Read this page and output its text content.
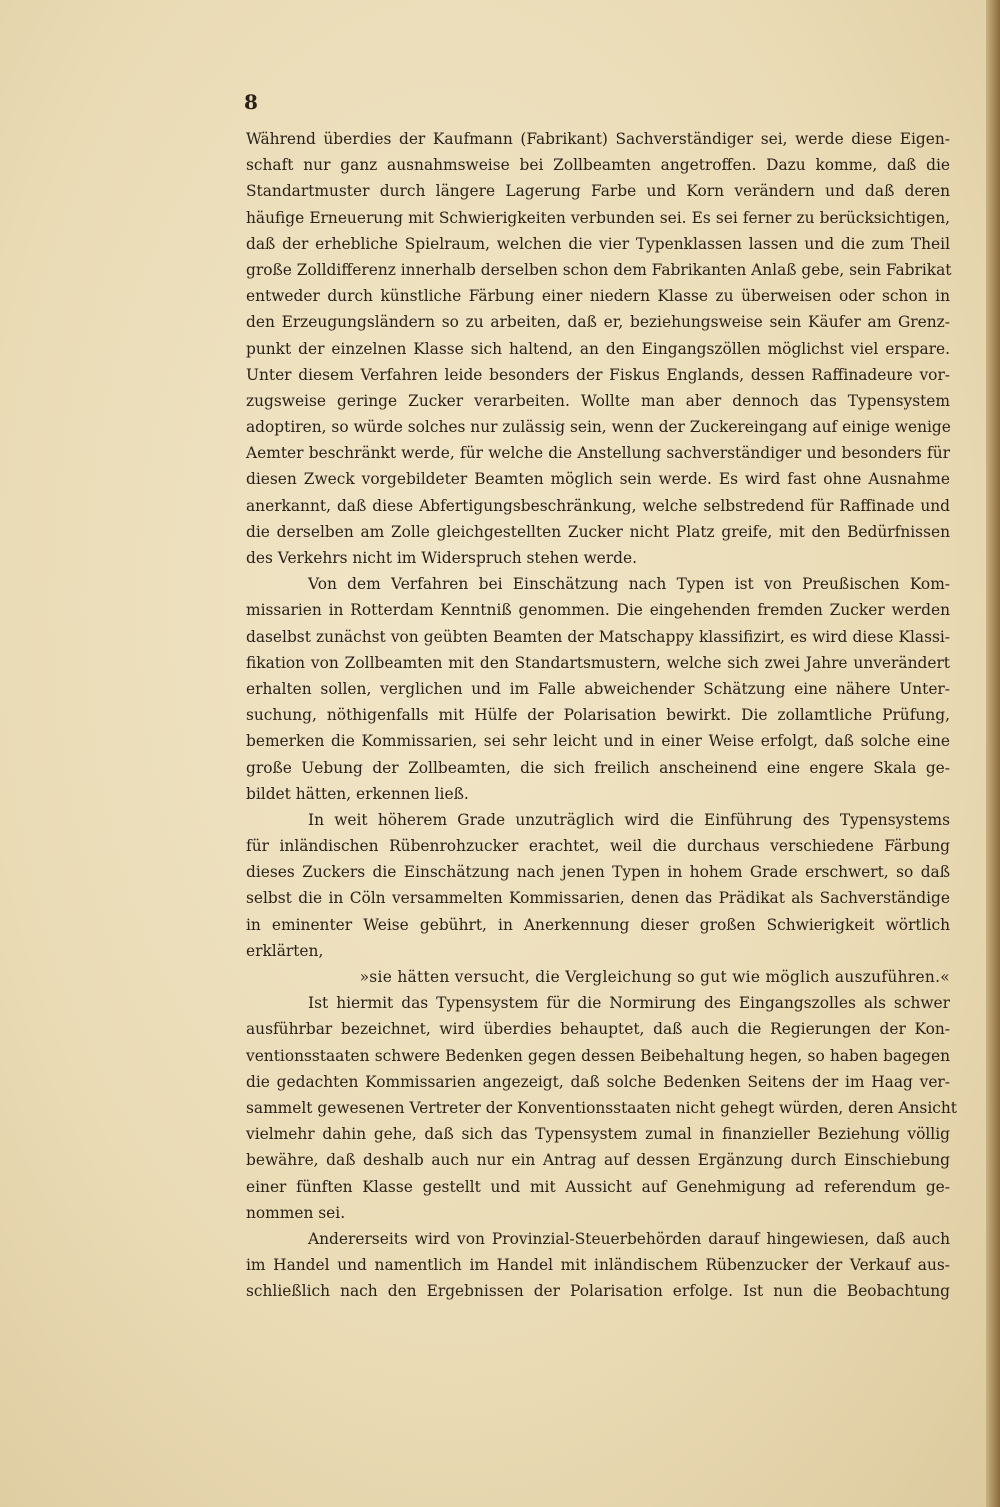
8
Während überdies der Kaufmann (Fabrikant) Sachverständiger sei, werde diese Eigen-
schaft nur ganz ausnahmsweise bei Zollbeamten angetroffen. Dazu komme, daß die
Standartmuster durch längere Lagerung Farbe und Korn verändern und daß deren
häufige Erneuerung mit Schwierigkeiten verbunden sei. Es sei ferner zu berücksichtigen,
daß der erhebliche Spielraum, welchen die vier Typenklassen lassen und die zum Theil
große Zolldifferenz innerhalb derselben schon dem Fabrikanten Anlaß gebe, sein Fabrikat
entweder durch künstliche Färbung einer niedern Klasse zu überweisen oder schon in
den Erzeugungsländern so zu arbeiten, daß er, beziehungsweise sein Käufer am Grenz-
punkt der einzelnen Klasse sich haltend, an den Eingangszöllen möglichst viel erspare.
Unter diesem Verfahren leide besonders der Fiskus Englands, dessen Raffinadeure vor-
zugsweise geringe Zucker verarbeiten. Wollte man aber dennoch das Typensystem
adoptiren, so würde solches nur zulässig sein, wenn der Zuckereingang auf einige wenige
Aemter beschränkt werde, für welche die Anstellung sachverständiger und besonders für
diesen Zweck vorgebildeter Beamten möglich sein werde. Es wird fast ohne Ausnahme
anerkannt, daß diese Abfertigungsbeschränkung, welche selbstredend für Raffinade und
die derselben am Zolle gleichgestellten Zucker nicht Platz greife, mit den Bedürfnissen
des Verkehrs nicht im Widerspruch stehen werde.
Von dem Verfahren bei Einschätzung nach Typen ist von Preußischen Kom-
missarien in Rotterdam Kenntniß genommen. Die eingehenden fremden Zucker werden
daselbst zunächst von geübten Beamten der Matschappy klassifizirt, es wird diese Klassi-
fikation von Zollbeamten mit den Standartsmustern, welche sich zwei Jahre unverändert
erhalten sollen, verglichen und im Falle abweichender Schätzung eine nähere Unter-
suchung, nöthigenfalls mit Hülfe der Polarisation bewirkt. Die zollamtliche Prüfung,
bemerken die Kommissarien, sei sehr leicht und in einer Weise erfolgt, daß solche eine
große Uebung der Zollbeamten, die sich freilich anscheinend eine engere Skala ge-
bildet hätten, erkennen ließ.
In weit höherem Grade unzuträglich wird die Einführung des Typensystems
für inländischen Rübenrohzucker erachtet, weil die durchaus verschiedene Färbung
dieses Zuckers die Einschätzung nach jenen Typen in hohem Grade erschwert, so daß
selbst die in Cöln versammelten Kommissarien, denen das Prädikat als Sachverständige
in eminenter Weise gebührt, in Anerkennung dieser großen Schwierigkeit wörtlich
erklärten,
»sie hätten versucht, die Vergleichung so gut wie möglich auszuführen.«
Ist hiermit das Typensystem für die Normirung des Eingangszolles als schwer
ausführbar bezeichnet, wird überdies behauptet, daß auch die Regierungen der Kon-
ventionsstaaten schwere Bedenken gegen dessen Beibehaltung hegen, so haben bagegen
die gedachten Kommissarien angezeigt, daß solche Bedenken Seitens der im Haag ver-
sammelt gewesenen Vertreter der Konventionsstaaten nicht gehegt würden, deren Ansicht
vielmehr dahin gehe, daß sich das Typensystem zumal in finanzieller Beziehung völlig
bewähre, daß deshalb auch nur ein Antrag auf dessen Ergänzung durch Einschiebung
einer fünften Klasse gestellt und mit Aussicht auf Genehmigung ad referendum ge-
nommen sei.
Andererseits wird von Provinzial-Steuerbehörden darauf hingewiesen, daß auch
im Handel und namentlich im Handel mit inländischem Rübenzucker der Verkauf aus-
schließlich nach den Ergebnissen der Polarisation erfolge. Ist nun die Beobachtung
